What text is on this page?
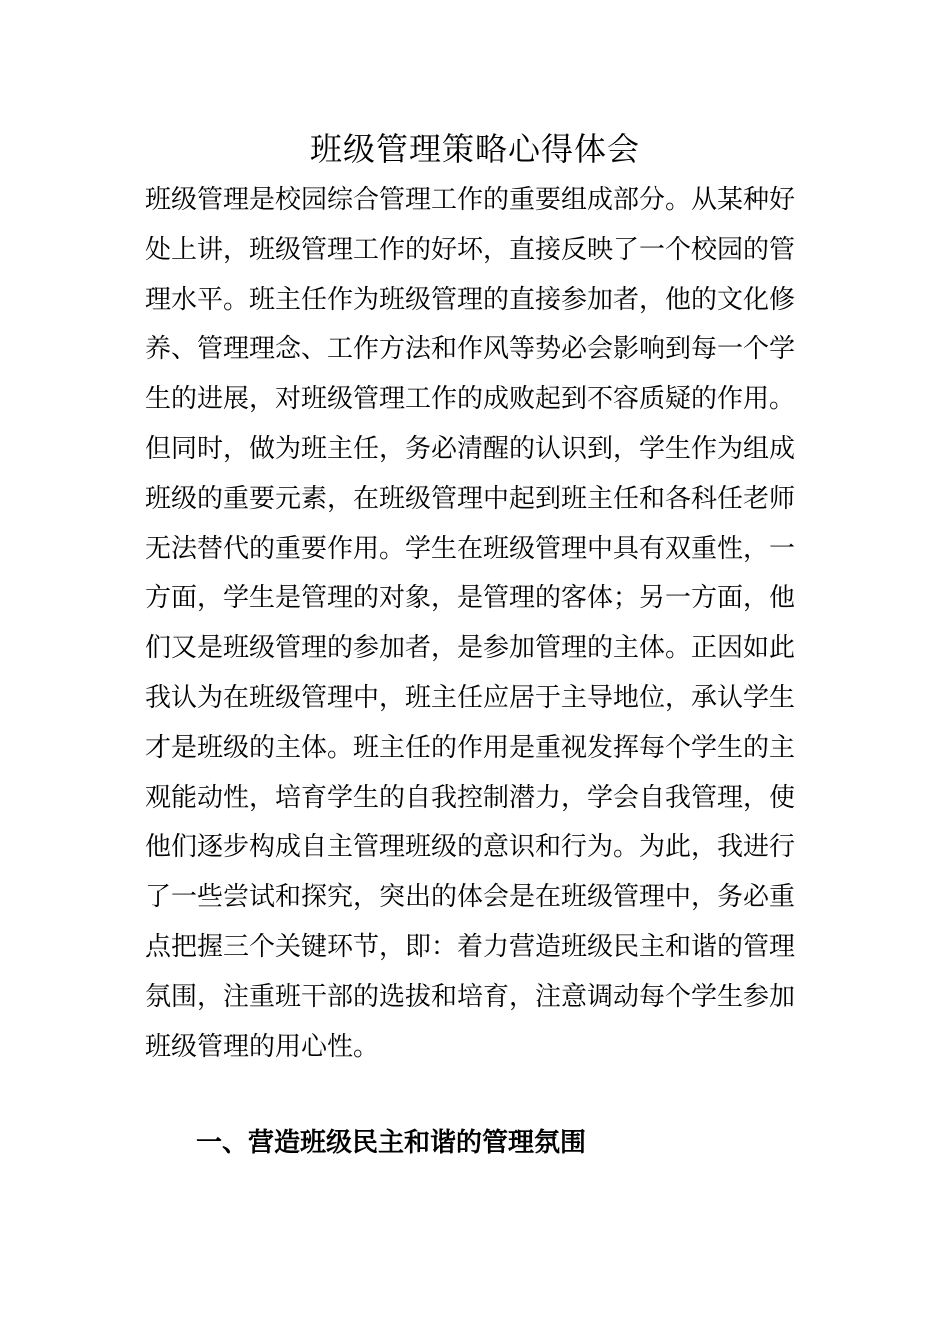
班级管理策略心得体会
班级管理是校园综合管理工作的重要组成部分。从某种好
处上讲，班级管理工作的好坏，直接反映了一个校园的管
理水平。班主任作为班级管理的直接参加者，他的文化修
养、管理理念、工作方法和作风等势必会影响到每一个学
生的进展，对班级管理工作的成败起到不容质疑的作用。
但同时，做为班主任，务必清醒的认识到，学生作为组成
班级的重要元素，在班级管理中起到班主任和各科任老师
无法替代的重要作用。学生在班级管理中具有双重性，一
方面，学生是管理的对象，是管理的客体；另一方面，他
们又是班级管理的参加者，是参加管理的主体。正因如此
我认为在班级管理中，班主任应居于主导地位，承认学生
才是班级的主体。班主任的作用是重视发挥每个学生的主
观能动性，培育学生的自我控制潜力，学会自我管理，使
他们逐步构成自主管理班级的意识和行为。为此，我进行
了一些尝试和探究，突出的体会是在班级管理中，务必重
点把握三个关键环节，即：着力营造班级民主和谐的管理
氛围，注重班干部的选拔和培育，注意调动每个学生参加
班级管理的用心性。
一、营造班级民主和谐的管理氛围
